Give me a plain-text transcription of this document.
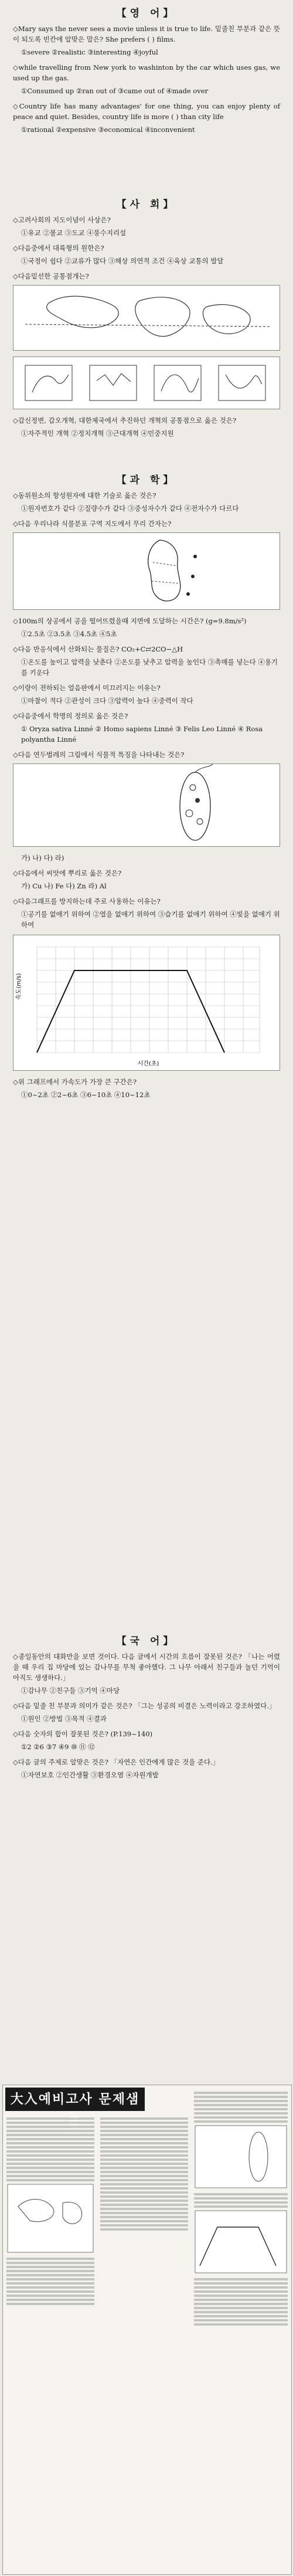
【영 어】

◇Mary says the never sees a movie unless it is true to life. 밑줄친 부분과 같은 뜻이 되도록 빈칸에 알맞은 말은? She prefers ( ) films.

①severe ②realistic ③interesting ④joyful

◇while travelling from New york to washinton by the car which uses gas, we used up the gas.

①Consumed up ②ran out of ③came out of ④made over

◇Country life has many advantages' for one thing, you can enjoy plenty of peace and quiet. Besides, country life is more ( ) than city life

①rational ②expensive ③economical ④inconvenient
【사 회】

◇고려사회의 지도이념이 사상은?

①유교 ②불교 ③도교 ④풍수지리설

◇다음중에서 대륙형의 원한은?

①국정이 쉽다 ②교류가 많다 ③해상 의연적 조건 ④육상 교통의 발달

◇다음밑선한 공통점개는?

◇갑신정변, 갑오개혁, 대한제국에서 추진하던 개혁의 공통점으로 옳은 것은?

①자주적인 개혁 ②정치개혁 ③근대개혁 ④민중지원
【과 학】

◇동위원소의 항성원자에 대한 기술로 옳은 것은?

①원자번호가 같다 ②질량수가 같다 ③중성자수가 같다 ④전자수가 다르다

◇다음 우리나라 식물분포 구역 지도에서 무리 간자는?

◇100m의 상공에서 공을 떨어뜨렸을때 지면에 도달하는 시간은? (g=9.8m/s²)

①2.5초 ②3.5초 ③4.5초 ④5초

◇다음 반응식에서 산화되는 물질은? CO₂+C⇄2CO−△H

①온도를 높이고 압력을 낮춘다 ②온도를 낮추고 압력을 높인다 ③촉매를 넣는다 ④용기를 키운다

◇이랑이 전하되는 얼음판에서 미끄러지는 이유는?

①마찰이 적다 ②관성이 크다 ③압력이 높다 ④중력이 작다

◇다음중에서 학명의 정의로 옳은 것은?

① Oryza sativa Linné ② Homo sapiens Linné ③ Felis Leo Linné ④ Rosa polyantha Linné

◇다음 연두벌레의 그림에서 식물적 특징을 나타내는 것은?

가) 나) 다) 라)

◇다음에서 씨앗에 뿌리로 옳은 것은?

가) Cu 나) Fe 다) Zn 라) Al

◇다음그래프를 방지하는데 주로 사용하는 이유는?

①공기를 없애기 위하여 ②열을 없애기 위하여 ③습기를 없애기 위하여 ④빛을 없애기 위하여
시간(초)
속도(m/s)

◇위 그래프에서 가속도가 가장 큰 구간은?

①0~2초 ②2~6초 ③6~10초 ④10~12초
【국 어】

◇종일동안의 대화만을 보면 것이다. 다음 글에서 시간의 흐름이 잘못된 것은? 「나는 어렸을 때 우리 집 마당에 있는 감나무를 무척 좋아했다. 그 나무 아래서 친구들과 놀던 기억이 아직도 생생하다.」

①감나무 ②친구들 ③기억 ④마당

◇다음 밑줄 친 부분과 의미가 같은 것은? 「그는 성공의 비결은 노력이라고 강조하였다.」

①원인 ②방법 ③목적 ④결과

◇다음 숫자의 합이 잘못된 것은? (P.139~140)

①2 ②6 ③7 ④9 ⑩ ⑪ ⑫

◇다음 글의 주제로 알맞은 것은? 「자연은 인간에게 많은 것을 준다.」

①자연보호 ②인간생활 ③환경오염 ④자원개발
大入예비고사 문제샘플
